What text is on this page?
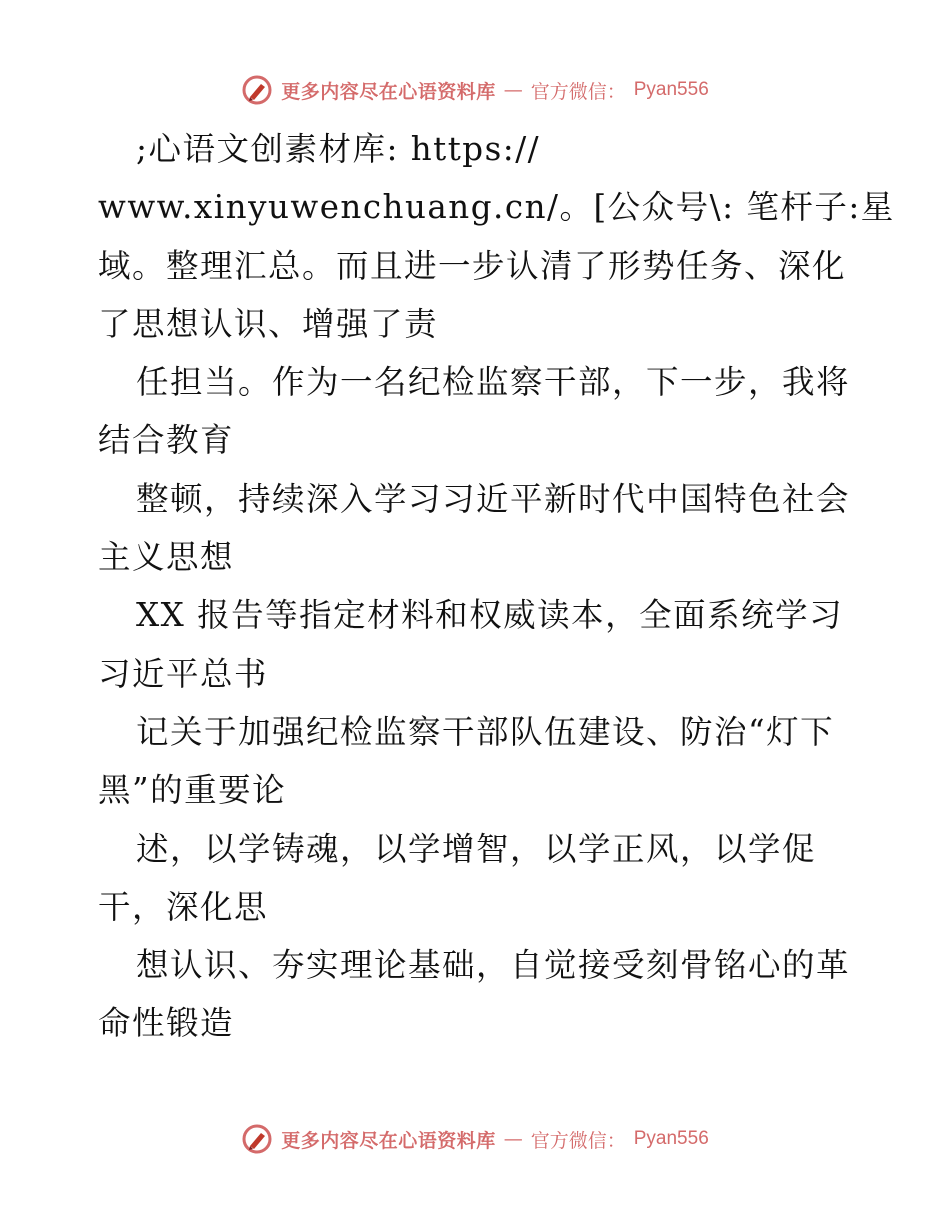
更多内容尽在心语资料库 — 官方微信： Pyan556
;心语文创素材库: https://
www.xinyuwenchuang.cn/。[公众号\: 笔杆子:星
域。整理汇总。而且进一步认清了形势任务、深化
了思想认识、增强了责
任担当。作为一名纪检监察干部，下一步，我将
结合教育
整顿，持续深入学习习近平新时代中国特色社会
主义思想
XX 报告等指定材料和权威读本，全面系统学习
习近平总书
记关于加强纪检监察干部队伍建设、防治“灯下
黑”的重要论
述，以学铸魂，以学增智，以学正风，以学促
干，深化思
想认识、夯实理论基础，自觉接受刻骨铭心的革
命性锻造
更多内容尽在心语资料库 — 官方微信： Pyan556
